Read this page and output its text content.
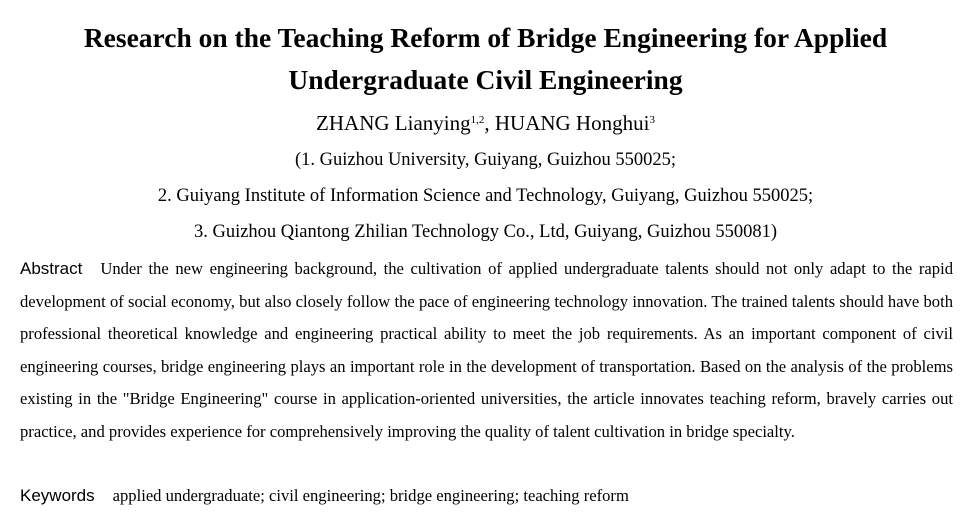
Research on the Teaching Reform of Bridge Engineering for Applied
Undergraduate Civil Engineering
ZHANG Lianying$^{1,2}$, HUANG Honghui$^3$
(1. Guizhou University, Guiyang, Guizhou 550025;
2. Guiyang Institute of Information Science and Technology, Guiyang, Guizhou 550025;
3. Guizhou Qiantong Zhilian Technology Co., Ltd, Guiyang, Guizhou 550081)

Abstract Under the new engineering background, the cultivation of applied undergraduate talents should not only adapt to the rapid development of social economy, but also closely follow the pace of engineering technology innovation. The trained talents should have both professional theoretical knowledge and engineering practical ability to meet the job requirements. As an important component of civil engineering courses, bridge engineering plays an important role in the development of transportation. Based on the analysis of the problems existing in the "Bridge Engineering" course in application-oriented universities, the article innovates teaching reform, bravely carries out practice, and provides experience for comprehensively improving the quality of talent cultivation in bridge specialty.

Keywords applied undergraduate; civil engineering; bridge engineering; teaching reform
